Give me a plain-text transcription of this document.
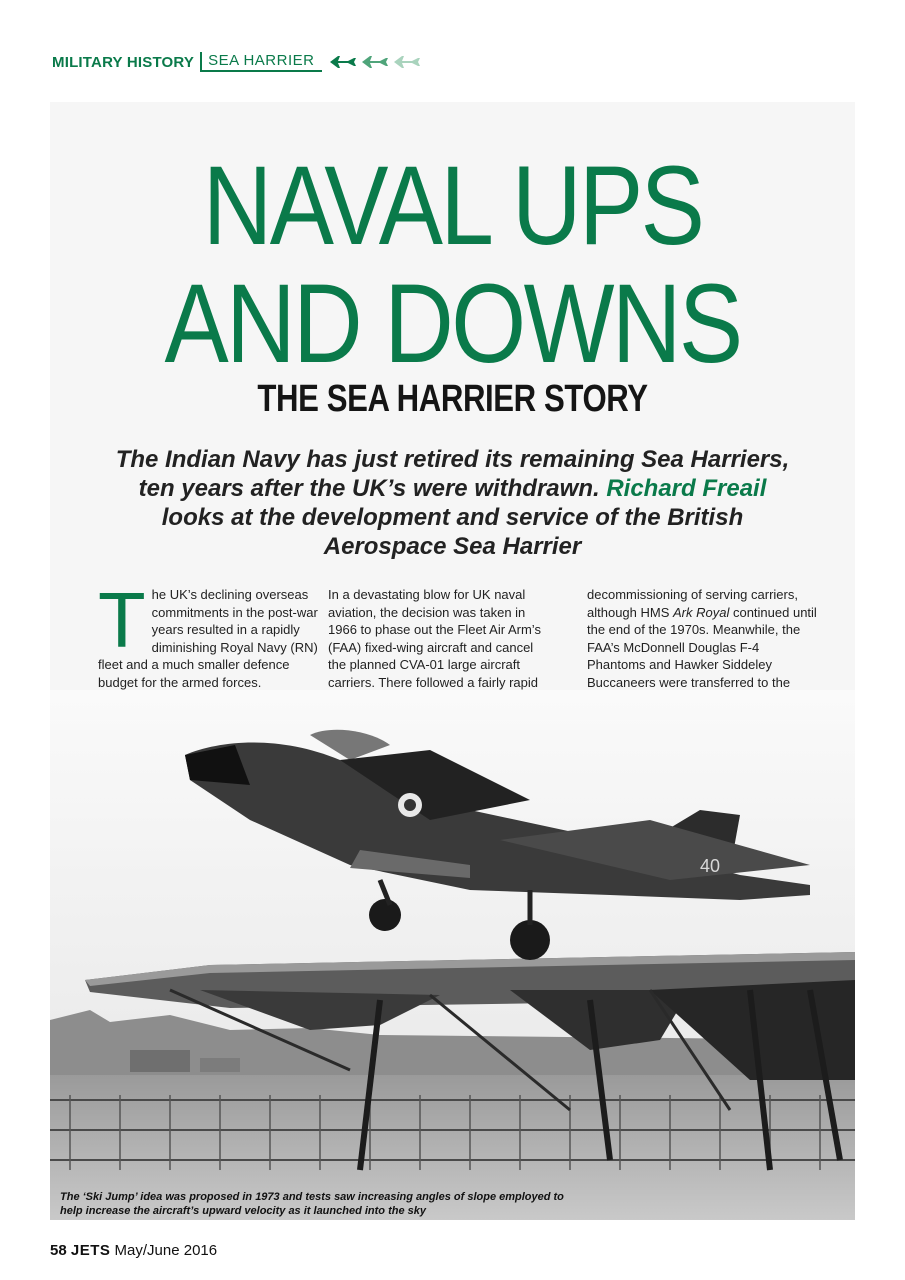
MILITARY HISTORY SEA HARRIER
NAVAL UPS
AND DOWNS
THE SEA HARRIER STORY
The Indian Navy has just retired its remaining Sea Harriers, ten years after the UK’s were withdrawn. Richard Freail looks at the development and service of the British Aerospace Sea Harrier
The UK’s declining overseas commitments in the post-war years resulted in a rapidly diminishing Royal Navy (RN) fleet and a much smaller defence budget for the armed forces.
In a devastating blow for UK naval aviation, the decision was taken in 1966 to phase out the Fleet Air Arm’s (FAA) fixed-wing aircraft and cancel the planned CVA-01 large aircraft carriers. There followed a fairly rapid
decommissioning of serving carriers, although HMS Ark Royal continued until the end of the 1970s. Meanwhile, the FAA’s McDonnell Douglas F-4 Phantoms and Hawker Siddeley Buccaneers were transferred to the
40
The ‘Ski Jump’ idea was proposed in 1973 and tests saw increasing angles of slope employed to help increase the aircraft’s upward velocity as it launched into the sky
58 JETS May/June 2016
